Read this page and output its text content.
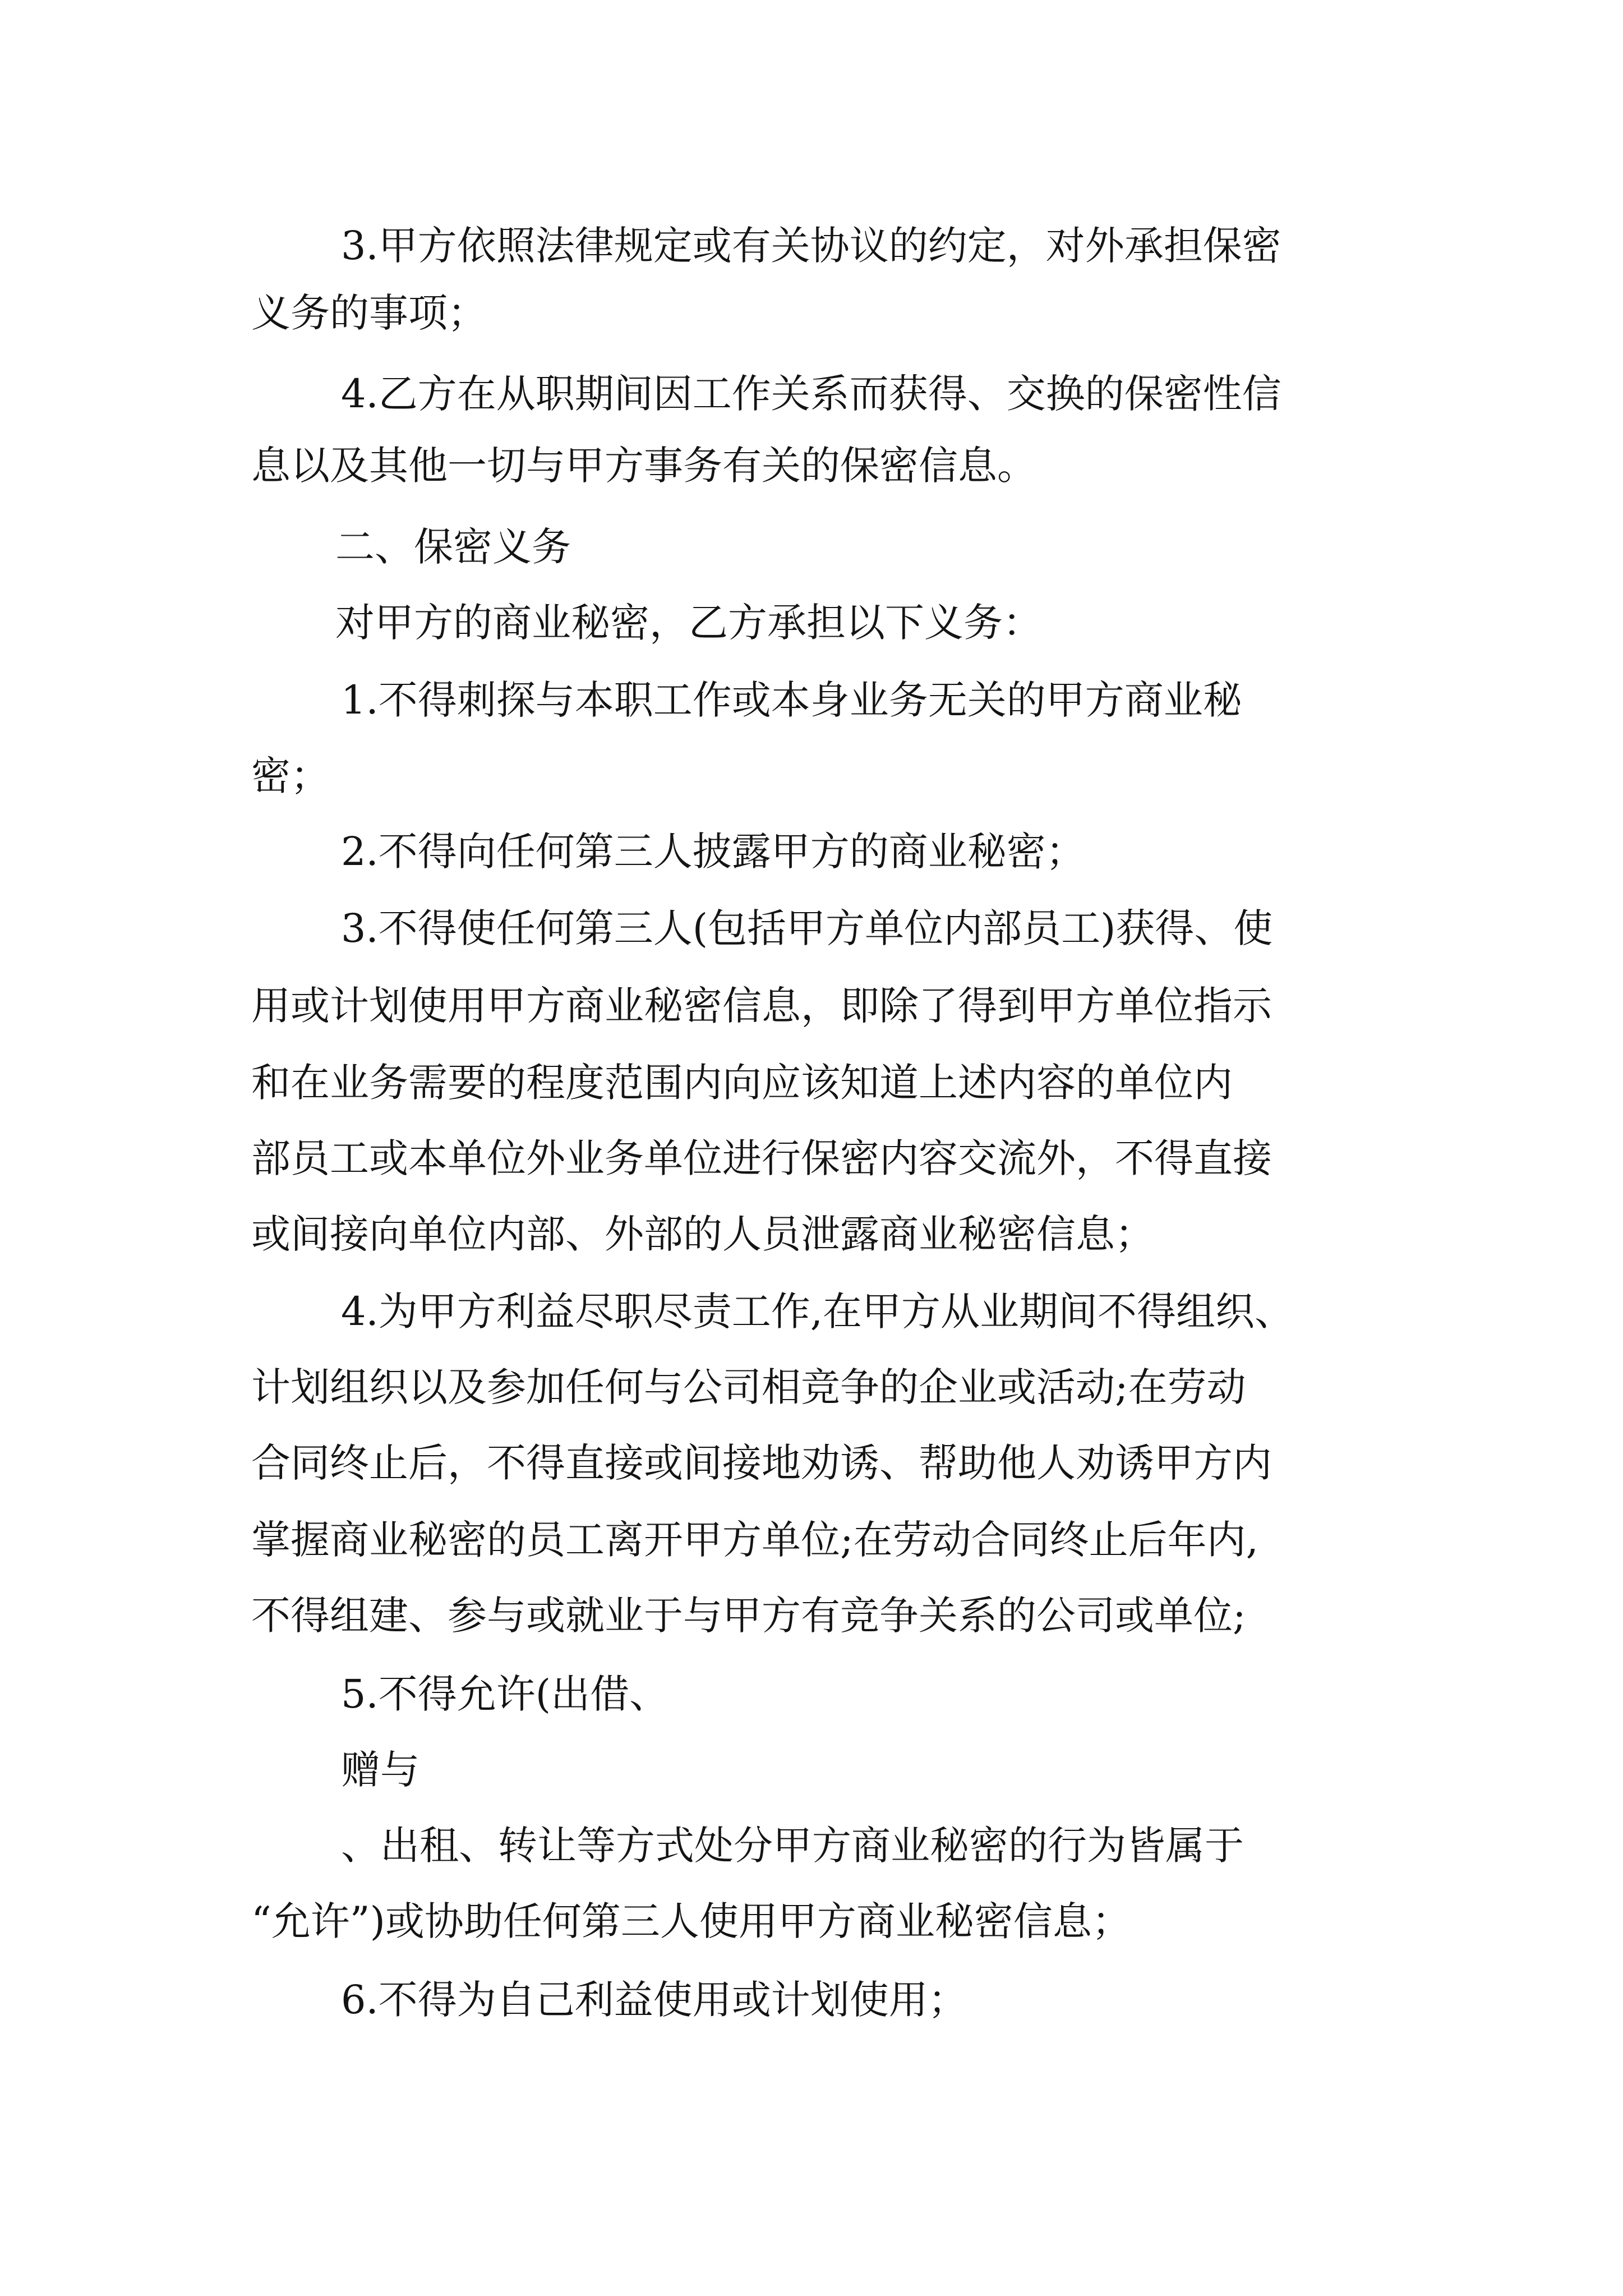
3.甲方依照法律规定或有关协议的约定，对外承担保密
义务的事项；
4.乙方在从职期间因工作关系而获得、交换的保密性信
息以及其他一切与甲方事务有关的保密信息。
二、保密义务
对甲方的商业秘密，乙方承担以下义务：
1.不得刺探与本职工作或本身业务无关的甲方商业秘
密；
2.不得向任何第三人披露甲方的商业秘密；
3.不得使任何第三人(包括甲方单位内部员工)获得、使
用或计划使用甲方商业秘密信息，即除了得到甲方单位指示
和在业务需要的程度范围内向应该知道上述内容的单位内
部员工或本单位外业务单位进行保密内容交流外，不得直接
或间接向单位内部、外部的人员泄露商业秘密信息；
4.为甲方利益尽职尽责工作,在甲方从业期间不得组织、
计划组织以及参加任何与公司相竞争的企业或活动;在劳动
合同终止后，不得直接或间接地劝诱、帮助他人劝诱甲方内
掌握商业秘密的员工离开甲方单位;在劳动合同终止后年内,
不得组建、参与或就业于与甲方有竞争关系的公司或单位;
5.不得允许(出借、
赠与
、出租、转让等方式处分甲方商业秘密的行为皆属于
“允许”)或协助任何第三人使用甲方商业秘密信息；
6.不得为自己利益使用或计划使用；
